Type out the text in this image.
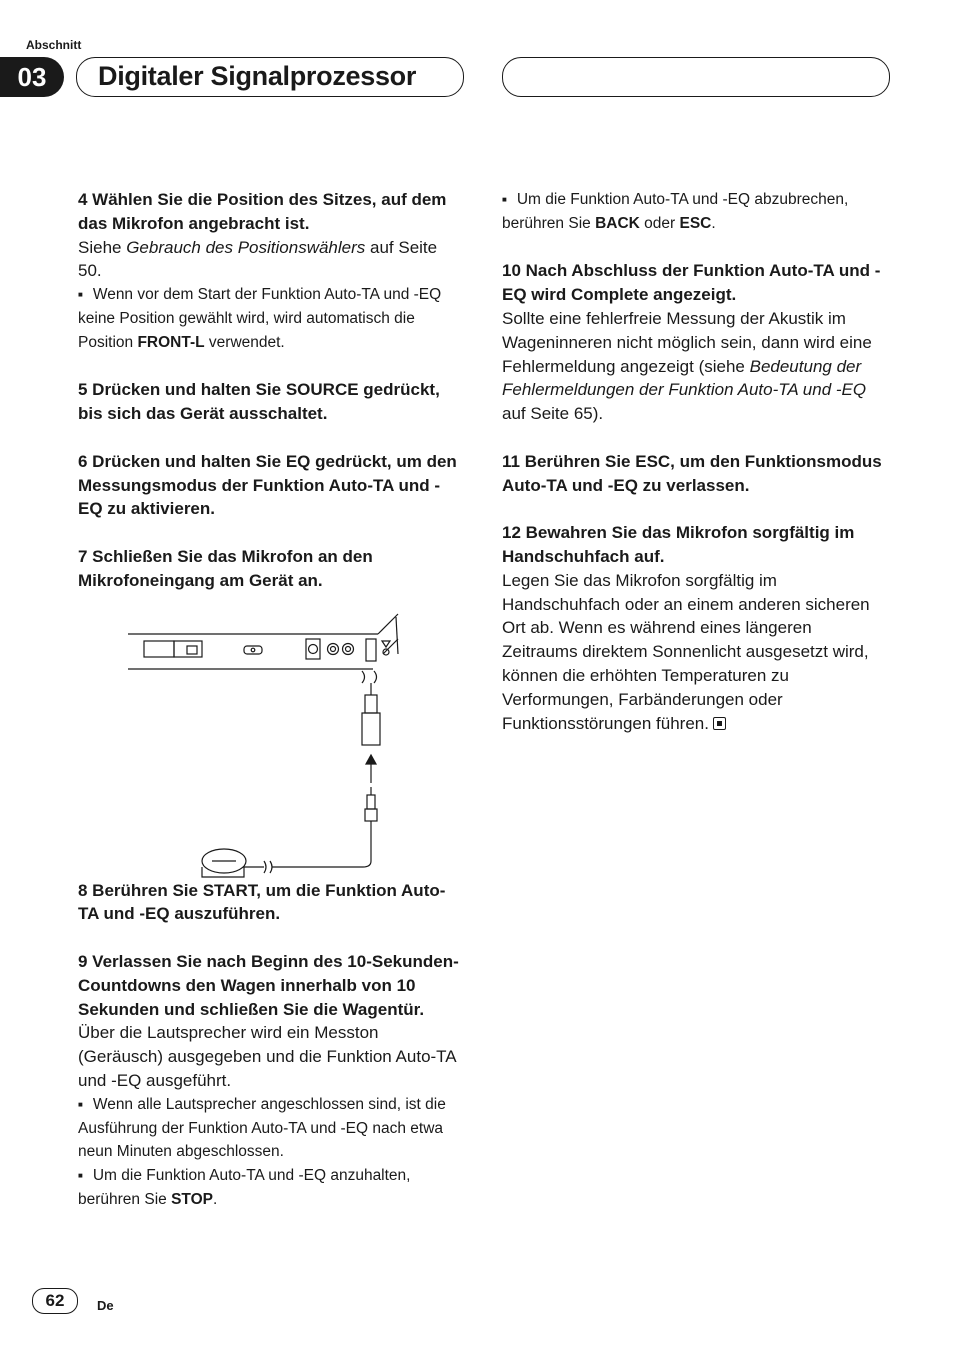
Abschnitt
03	Digitaler Signalprozessor

4 Wählen Sie die Position des Sitzes, auf dem das Mikrofon angebracht ist.

Siehe Gebrauch des Positionswählers auf Seite 50.

■ Wenn vor dem Start der Funktion Auto-TA und -EQ keine Position gewählt wird, wird automatisch die Position FRONT-L verwendet.

5 Drücken und halten Sie SOURCE gedrückt, bis sich das Gerät ausschaltet.

6 Drücken und halten Sie EQ gedrückt, um den Messungsmodus der Funktion Auto-TA und -EQ zu aktivieren.

7 Schließen Sie das Mikrofon an den Mikrofoneingang am Gerät an.

8 Berühren Sie START, um die Funktion Auto-TA und -EQ auszuführen.

9 Verlassen Sie nach Beginn des 10-Sekunden-Countdowns den Wagen innerhalb von 10 Sekunden und schließen Sie die Wagentür.

Über die Lautsprecher wird ein Messton (Geräusch) ausgegeben und die Funktion Auto-TA und -EQ ausgeführt.

■ Wenn alle Lautsprecher angeschlossen sind, ist die Ausführung der Funktion Auto-TA und -EQ nach etwa neun Minuten abgeschlossen.

■ Um die Funktion Auto-TA und -EQ anzuhalten, berühren Sie STOP.

■ Um die Funktion Auto-TA und -EQ abzubrechen, berühren Sie BACK oder ESC.

10 Nach Abschluss der Funktion Auto-TA und -EQ wird Complete angezeigt.

Sollte eine fehlerfreie Messung der Akustik im Wageninneren nicht möglich sein, dann wird eine Fehlermeldung angezeigt (siehe Bedeutung der Fehlermeldungen der Funktion Auto-TA und -EQ auf Seite 65).

11 Berühren Sie ESC, um den Funktionsmodus Auto-TA und -EQ zu verlassen.

12 Bewahren Sie das Mikrofon sorgfältig im Handschuhfach auf.

Legen Sie das Mikrofon sorgfältig im Handschuhfach oder an einem anderen sicheren Ort ab. Wenn es während eines längeren Zeitraums direktem Sonnenlicht ausgesetzt wird, können die erhöhten Temperaturen zu Verformungen, Farbänderungen oder Funktionsstörungen führen.

62	De
